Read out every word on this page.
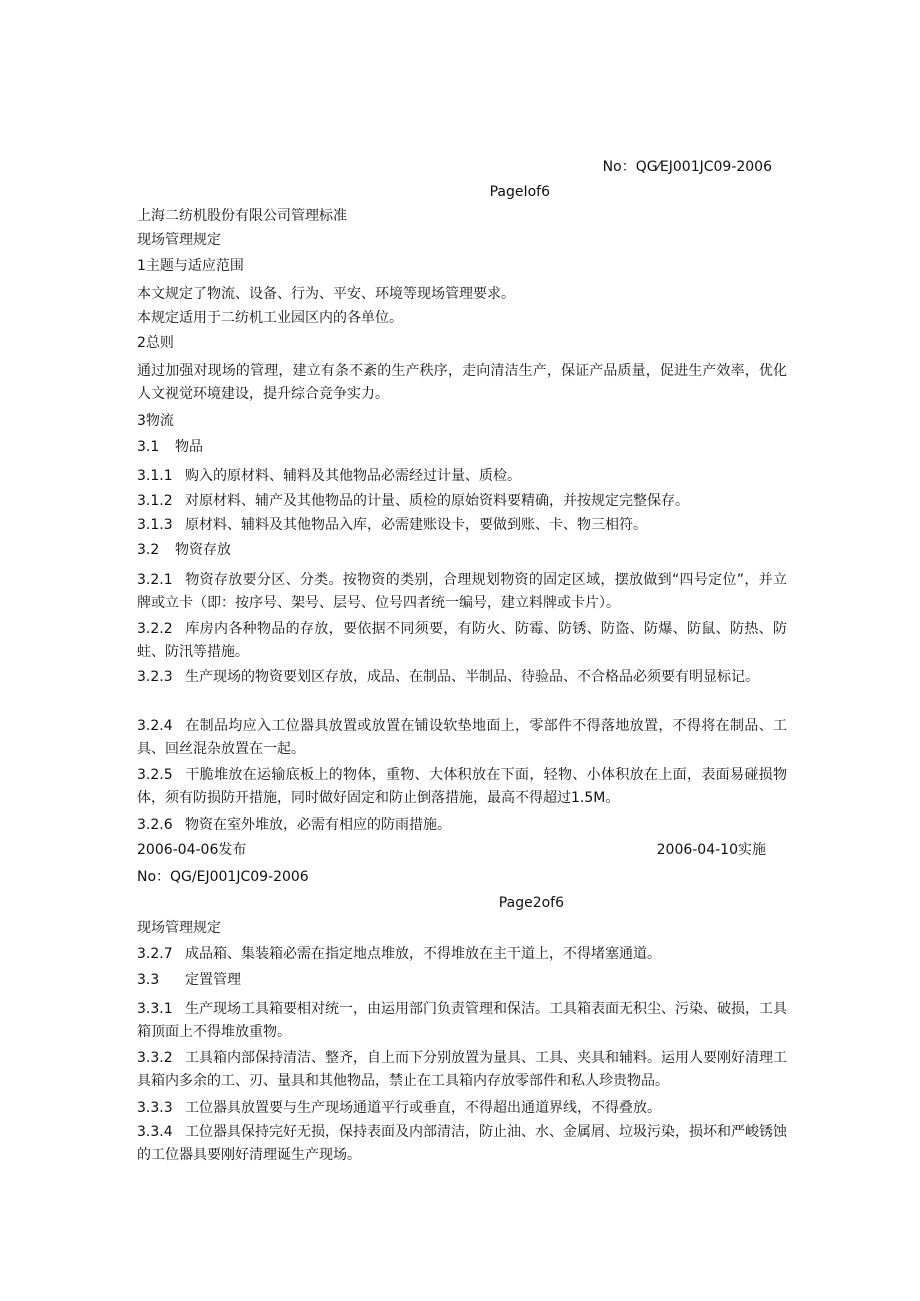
No：QG⁄EJ001JC09-2006
PageIof6
上海二纺机股份有限公司管理标准
现场管理规定
1主题与适应范围
本文规定了物流、设备、行为、平安、环境等现场管理要求。
本规定适用于二纺机工业园区内的各单位。
2总则
通过加强对现场的管理，建立有条不紊的生产秩序，走向清洁生产，保证产品质量，促进生产效率，优化人文视觉环境建设，提升综合竞争实力。
3物流
3.1 物品
3.1.1 购入的原材料、辅料及其他物品必需经过计量、质检。
3.1.2 对原材料、辅产及其他物品的计量、质检的原始资料要精确，并按规定完整保存。
3.1.3 原材料、辅料及其他物品入库，必需建账设卡，要做到账、卡、物三相符。
3.2 物资存放
3.2.1 物资存放要分区、分类。按物资的类别，合理规划物资的固定区域，摆放做到“四号定位”，并立牌或立卡（即：按序号、架号、层号、位号四者统一编号，建立料牌或卡片）。
3.2.2 库房内各种物品的存放，要依据不同须要，有防火、防霉、防锈、防盗、防爆、防鼠、防热、防蛀、防汛等措施。
3.2.3 生产现场的物资要划区存放，成品、在制品、半制品、待验品、不合格品必须要有明显标记。
3.2.4 在制品均应入工位器具放置或放置在铺设软垫地面上，零部件不得落地放置，不得将在制品、工具、回丝混杂放置在一起。
3.2.5 干脆堆放在运输底板上的物体，重物、大体积放在下面，轻物、小体积放在上面，表面易碰损物体，须有防损防开措施，同时做好固定和防止倒落措施，最高不得超过1.5M。
3.2.6 物资在室外堆放，必需有相应的防雨措施。
2006-04-06发布	2006-04-10实施
No：QG/EJ001JC09-2006
Page2of6
现场管理规定
3.2.7 成品箱、集装箱必需在指定地点堆放，不得堆放在主干道上，不得堵塞通道。
3.3 定置管理
3.3.1 生产现场工具箱要相对统一，由运用部门负责管理和保洁。工具箱表面无积尘、污染、破损，工具箱顶面上不得堆放重物。
3.3.2 工具箱内部保持清洁、整齐，自上而下分别放置为量具、工具、夹具和辅料。运用人要刚好清理工具箱内多余的工、刃、量具和其他物品，禁止在工具箱内存放零部件和私人珍贵物品。
3.3.3 工位器具放置要与生产现场通道平行或垂直，不得超出通道界线，不得叠放。
3.3.4 工位器具保持完好无损，保持表面及内部清洁，防止油、水、金属屑、垃圾污染，损坏和严峻锈蚀的工位器具要刚好清理诞生产现场。
